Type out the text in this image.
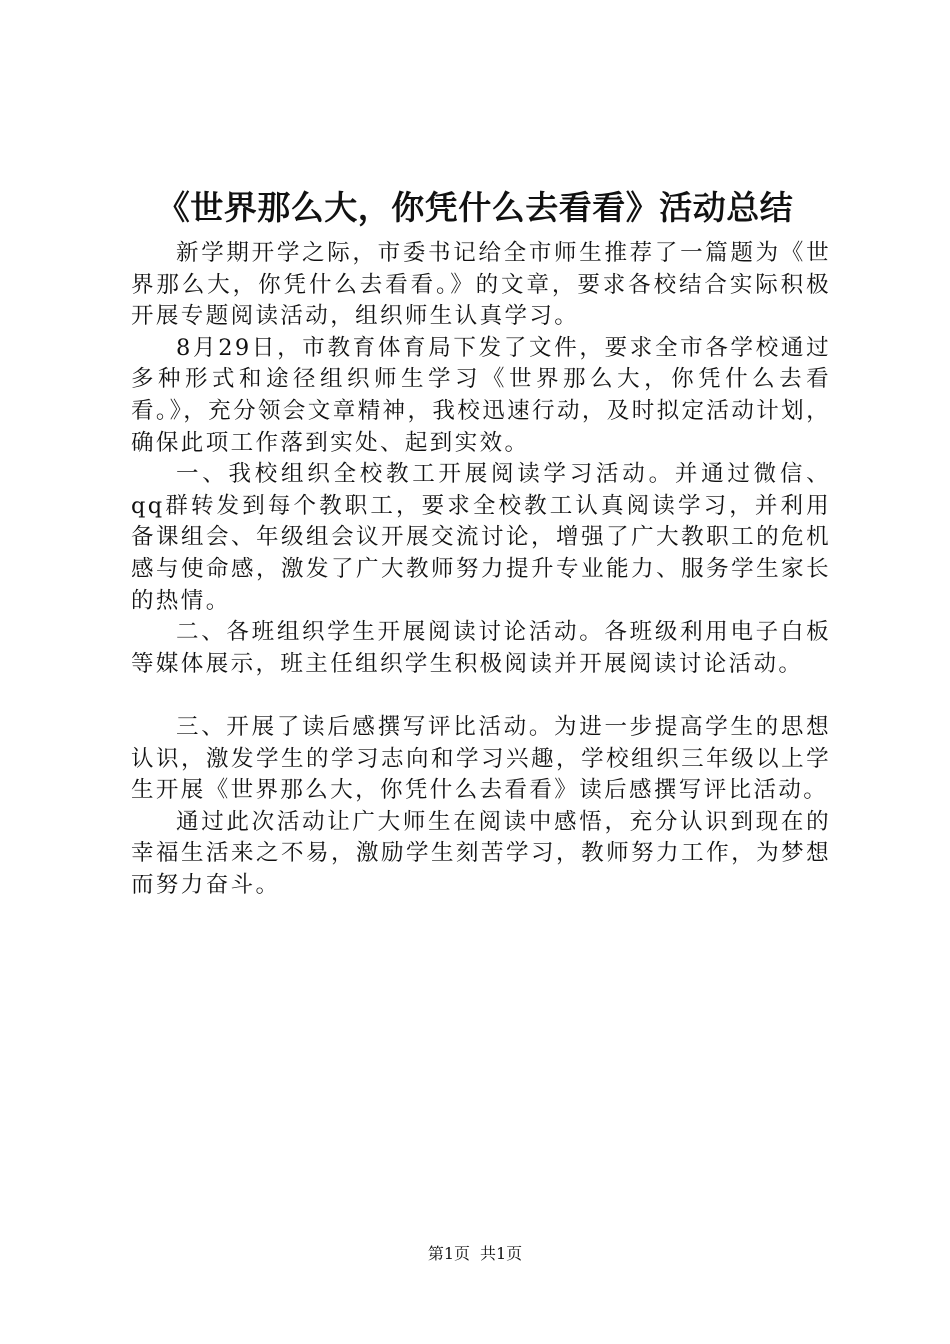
《世界那么大，你凭什么去看看》活动总结

新学期开学之际，市委书记给全市师生推荐了一篇题为《世界那么大，你凭什么去看看。》的文章，要求各校结合实际积极开展专题阅读活动，组织师生认真学习。

8月29日，市教育体育局下发了文件，要求全市各学校通过多种形式和途径组织师生学习《世界那么大，你凭什么去看看。》，充分领会文章精神，我校迅速行动，及时拟定活动计划，确保此项工作落到实处、起到实效。

一、我校组织全校教工开展阅读学习活动。并通过微信、qq群转发到每个教职工，要求全校教工认真阅读学习，并利用备课组会、年级组会议开展交流讨论，增强了广大教职工的危机感与使命感，激发了广大教师努力提升专业能力、服务学生家长的热情。

二、各班组织学生开展阅读讨论活动。各班级利用电子白板等媒体展示，班主任组织学生积极阅读并开展阅读讨论活动。

三、开展了读后感撰写评比活动。为进一步提高学生的思想认识，激发学生的学习志向和学习兴趣，学校组织三年级以上学生开展《世界那么大，你凭什么去看看》读后感撰写评比活动。

通过此次活动让广大师生在阅读中感悟，充分认识到现在的幸福生活来之不易，激励学生刻苦学习，教师努力工作，为梦想而努力奋斗。

第1页 共1页
